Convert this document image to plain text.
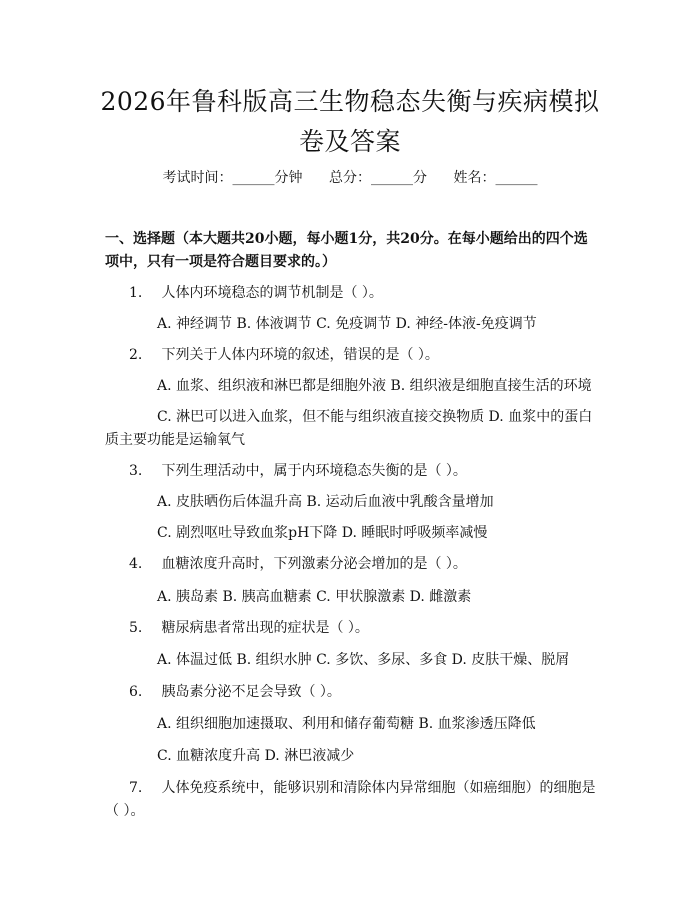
2026年鲁科版高三生物稳态失衡与疾病模拟
卷及答案
考试时间：______分钟 总分：______分 姓名：______
一、选择题（本大题共20小题，每小题1分，共20分。在每小题给出的四个选项中，只有一项是符合题目要求的。）
1. 人体内环境稳态的调节机制是（ ）。
A. 神经调节 B. 体液调节 C. 免疫调节 D. 神经-体液-免疫调节
2. 下列关于人体内环境的叙述，错误的是（ ）。
A. 血浆、组织液和淋巴都是细胞外液 B. 组织液是细胞直接生活的环境
C. 淋巴可以进入血浆，但不能与组织液直接交换物质 D. 血浆中的蛋白质主要功能是运输氧气
3. 下列生理活动中，属于内环境稳态失衡的是（ ）。
A. 皮肤晒伤后体温升高 B. 运动后血液中乳酸含量增加
C. 剧烈呕吐导致血浆pH下降 D. 睡眠时呼吸频率减慢
4. 血糖浓度升高时，下列激素分泌会增加的是（ ）。
A. 胰岛素 B. 胰高血糖素 C. 甲状腺激素 D. 雌激素
5. 糖尿病患者常出现的症状是（ ）。
A. 体温过低 B. 组织水肿 C. 多饮、多尿、多食 D. 皮肤干燥、脱屑
6. 胰岛素分泌不足会导致（ ）。
A. 组织细胞加速摄取、利用和储存葡萄糖 B. 血浆渗透压降低
C. 血糖浓度升高 D. 淋巴液减少
7. 人体免疫系统中，能够识别和清除体内异常细胞（如癌细胞）的细胞是（ ）。
